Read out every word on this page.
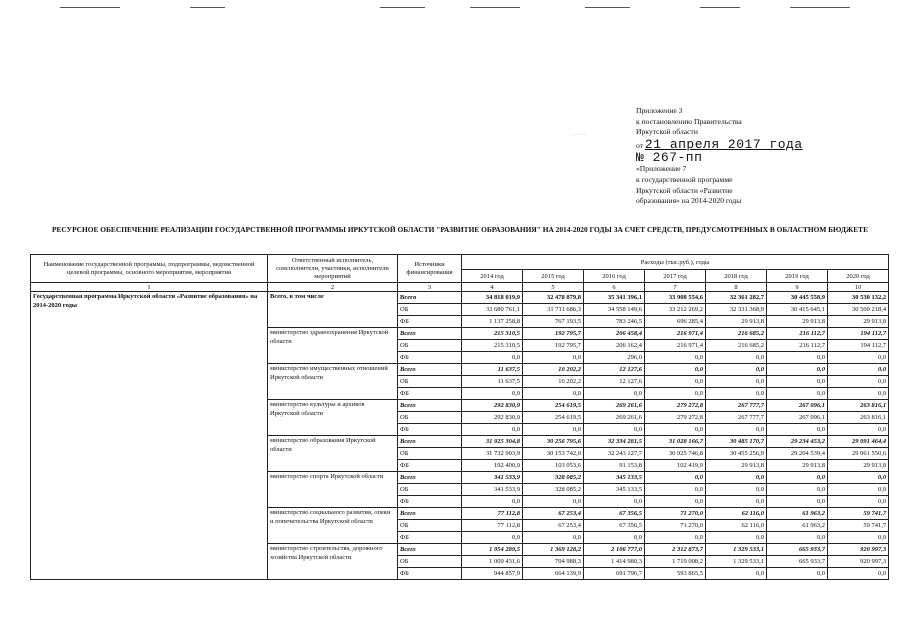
. ·· · ·
Приложение 3
к постановлению Правительства
Иркутской области
от 21 апреля 2017 года
№ 267-пп
«Приложение 7
к государственной программе
Иркутской области «Развитие
образования» на 2014-2020 годы
РЕСУРСНОЕ ОБЕСПЕЧЕНИЕ РЕАЛИЗАЦИИ ГОСУДАРСТВЕННОЙ ПРОГРАММЫ ИРКУТСКОЙ ОБЛАСТИ "РАЗВИТИЕ ОБРАЗОВАНИЯ" НА 2014-2020 ГОДЫ ЗА СЧЕТ СРЕДСТВ, ПРЕДУСМОТРЕННЫХ В ОБЛАСТНОМ БЮДЖЕТЕ
Наименование государственной программы, подпрограммы, ведомственной целевой программы, основного мероприятия, мероприятия	Ответственный исполнитель, соисполнители, участники, исполнители мероприятий	Источники финансирования	Расходы (тыс.руб.), годы						
			2014 год	2015 год	2016 год	2017 год	2018 год	2019 год	2020 год
1	2	3	4	5	6	7	8	9	10
Государственная программа Иркутской области «Развитие образования» на 2014-2020 годы	Всего, в том числе	Всего	34 818 019,9	32 478 879,8	35 341 396,1	33 908 554,6	32 361 282,7	30 445 558,9	30 530 132,2
		ОБ	33 680 761,1	31 711 686,3	34 558 149,6	33 212 269,2	32 331 368,9	30 415 645,1	30 500 218,4
		ФБ	1 137 258,8	767 193,5	783 246,5	696 285,4	29 913,8	29 913,8	29 913,8
	министерство здравоохранения Иркутской области	Всего	215 310,5	192 795,7	206 458,4	216 971,4	216 685,2	216 112,7	194 112,7
		ОБ	215 310,5	192 795,7	206 162,4	216 971,4	216 685,2	216 112,7	194 112,7
		ФБ	0,0	0,0	296,0	0,0	0,0	0,0	0,0
	министерство имущественных отношений Иркутской области	Всего	11 637,5	10 202,2	12 127,6	0,0	0,0	0,0	0,0
		ОБ	11 637,5	10 202,2	12 127,6	0,0	0,0	0,0	0,0
		ФБ	0,0	0,0	0,0	0,0	0,0	0,0	0,0
	министерство культуры и архивов Иркутской области	Всего	292 830,9	254 619,5	269 261,6	279 272,8	267 777,7	267 096,1	263 816,1
		ОБ	292 830,9	254 619,5	269 261,6	279 272,8	267 777,7	267 096,1	263 816,1
		ФБ	0,0	0,0	0,0	0,0	0,0	0,0	0,0
	министерство образования Иркутской области	Всего	31 925 304,8	30 256 795,6	32 334 281,5	31 028 166,7	30 485 170,7	29 234 453,2	29 091 464,4
		ОБ	31 732 903,9	30 153 742,0	32 243 127,7	30 925 746,8	30 455 256,9	29 204 539,4	29 061 550,6
		ФБ	192 400,9	103 053,6	91 153,8	102 419,9	29 913,8	29 913,8	29 913,8
	министерство спорта Иркутской области	Всего	341 533,9	328 085,2	345 133,5	0,0	0,0	0,0	0,0
		ОБ	341 533,9	328 085,2	345 133,5	0,0	0,0	0,0	0,0
		ФБ	0,0	0,0	0,0	0,0	0,0	0,0	0,0
	министерство социального развития, опеки и попечительства Иркутской области	Всего	77 112,8	67 253,4	67 356,5	71 270,0	62 116,0	61 963,2	59 741,7
		ОБ	77 112,8	67 253,4	67 356,5	71 270,0	62 116,0	61 963,2	59 741,7
		ФБ	0,0	0,0	0,0	0,0	0,0	0,0	0,0
	министерство строительства, дорожного хозяйства Иркутской области	Всего	1 954 289,5	1 369 128,2	2 106 777,0	2 312 873,7	1 329 533,1	665 933,7	920 997,3
		ОБ	1 009 431,6	704 988,3	1 414 980,3	1 719 008,2	1 329 533,1	665 933,7	920 997,3
		ФБ	944 857,9	664 139,9	691 796,7	593 865,5	0,0	0,0	0,0
